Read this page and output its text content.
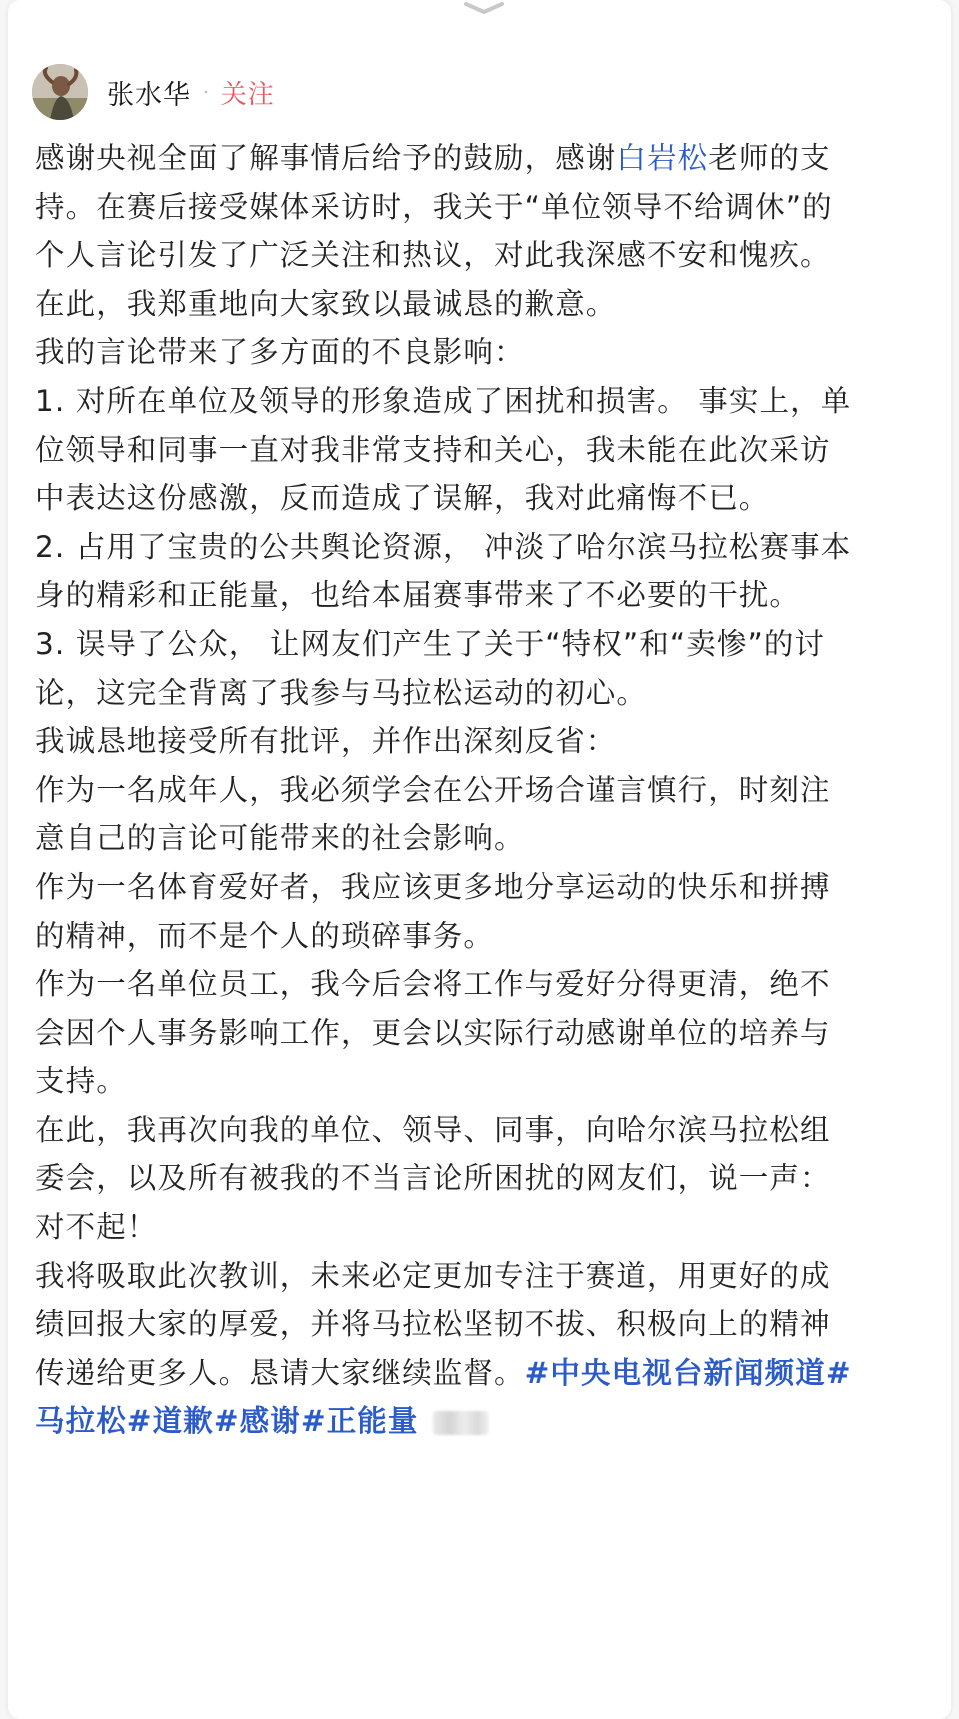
张水华 · 关注
感谢央视全面了解事情后给予的鼓励，感谢白岩松老师的支
持。在赛后接受媒体采访时，我关于“单位领导不给调休”的
个人言论引发了广泛关注和热议，对此我深感不安和愧疚。
在此，我郑重地向大家致以最诚恳的歉意。
我的言论带来了多方面的不良影响：
1. 对所在单位及领导的形象造成了困扰和损害。 事实上，单
位领导和同事一直对我非常支持和关心，我未能在此次采访
中表达这份感激，反而造成了误解，我对此痛悔不已。
2. 占用了宝贵的公共舆论资源， 冲淡了哈尔滨马拉松赛事本
身的精彩和正能量，也给本届赛事带来了不必要的干扰。
3. 误导了公众， 让网友们产生了关于“特权”和“卖惨”的讨
论，这完全背离了我参与马拉松运动的初心。
我诚恳地接受所有批评，并作出深刻反省：
作为一名成年人，我必须学会在公开场合谨言慎行，时刻注
意自己的言论可能带来的社会影响。
作为一名体育爱好者，我应该更多地分享运动的快乐和拼搏
的精神，而不是个人的琐碎事务。
作为一名单位员工，我今后会将工作与爱好分得更清，绝不
会因个人事务影响工作，更会以实际行动感谢单位的培养与
支持。
在此，我再次向我的单位、领导、同事，向哈尔滨马拉松组
委会，以及所有被我的不当言论所困扰的网友们，说一声：
对不起！
我将吸取此次教训，未来必定更加专注于赛道，用更好的成
绩回报大家的厚爱，并将马拉松坚韧不拔、积极向上的精神
传递给更多人。恳请大家继续监督。#中央电视台新闻频道#
马拉松#道歉#感谢#正能量
